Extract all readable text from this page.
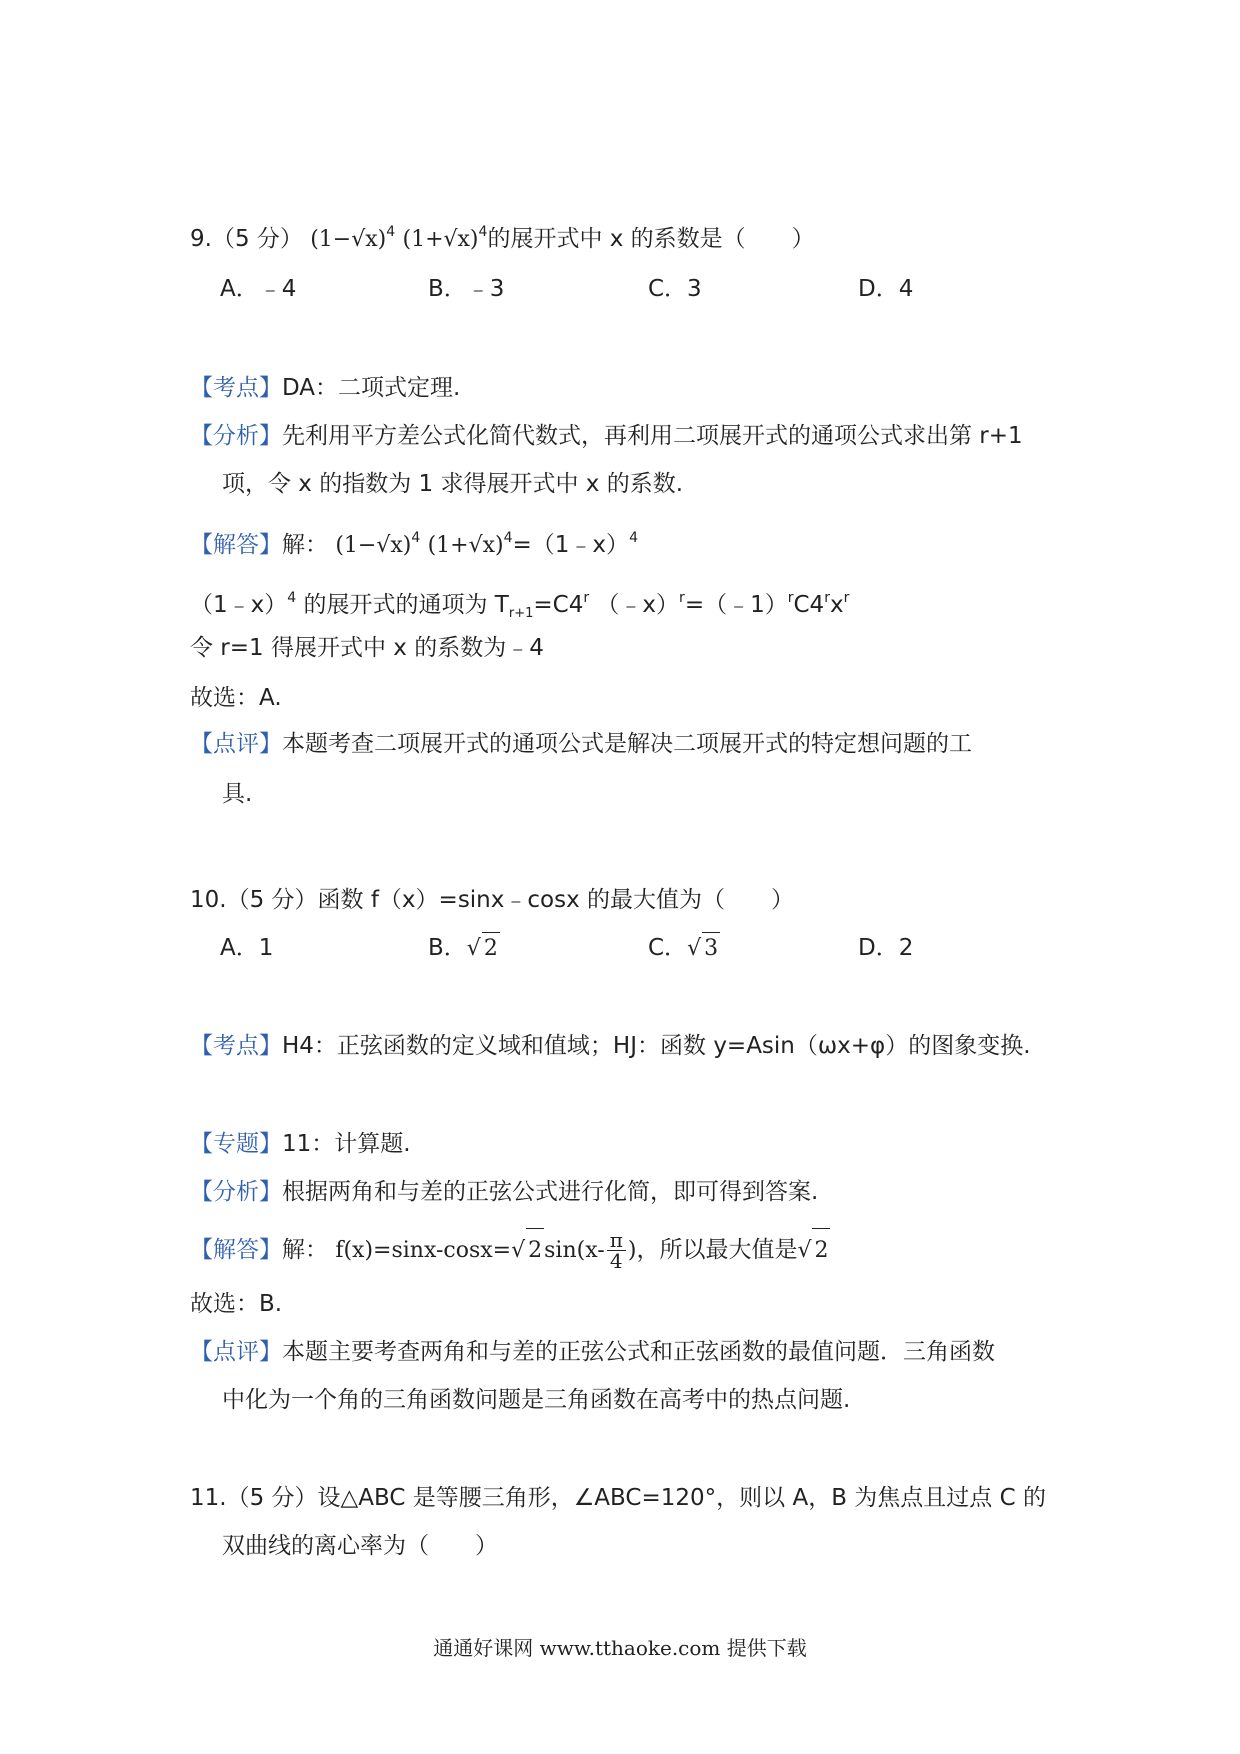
9.（5 分） $(1-√x)^4$ $(1+√x)^4$的展开式中 x 的系数是（　　）
A．﹣4	B．﹣3	C．3	D．4
【考点】DA：二项式定理.
【分析】先利用平方差公式化简代数式，再利用二项展开式的通项公式求出第 r+1
项，令 x 的指数为 1 求得展开式中 x 的系数.
【解答】解： $(1-√x)^4$ $(1+√x)^4=(1﹣x)^4$
（1﹣x）$^4$ 的展开式的通项为 $T_{r+1}=C4^r$ $(﹣x)^r=(﹣1)^rC4^rx^r$
令 r=1 得展开式中 x 的系数为﹣4
故选：A.
【点评】本题考查二项展开式的通项公式是解决二项展开式的特定想问题的工
具.
10.（5 分）函数 f（x）=sinx﹣cosx 的最大值为（　　）
A．1	B．√ 2	C．√ 3	D．2
【考点】H4：正弦函数的定义域和值域；HJ：函数 y=Asin（ωx+φ）的图象变换.
【专题】11：计算题.
【分析】根据两角和与差的正弦公式进行化简，即可得到答案.
【解答】解： f(x)=sinx-cosx=√ $2\sin(x- \frac{\pi}{4}$ )，所以最大值是√ 2
故选：B.
【点评】本题主要考查两角和与差的正弦公式和正弦函数的最值问题．三角函数
中化为一个角的三角函数问题是三角函数在高考中的热点问题.
11.（5 分）设△ABC 是等腰三角形，∠ABC=120°，则以 A，B 为焦点且过点 C 的
双曲线的离心率为（　　）
通通好课网 www.tthaoke.com 提供下载
